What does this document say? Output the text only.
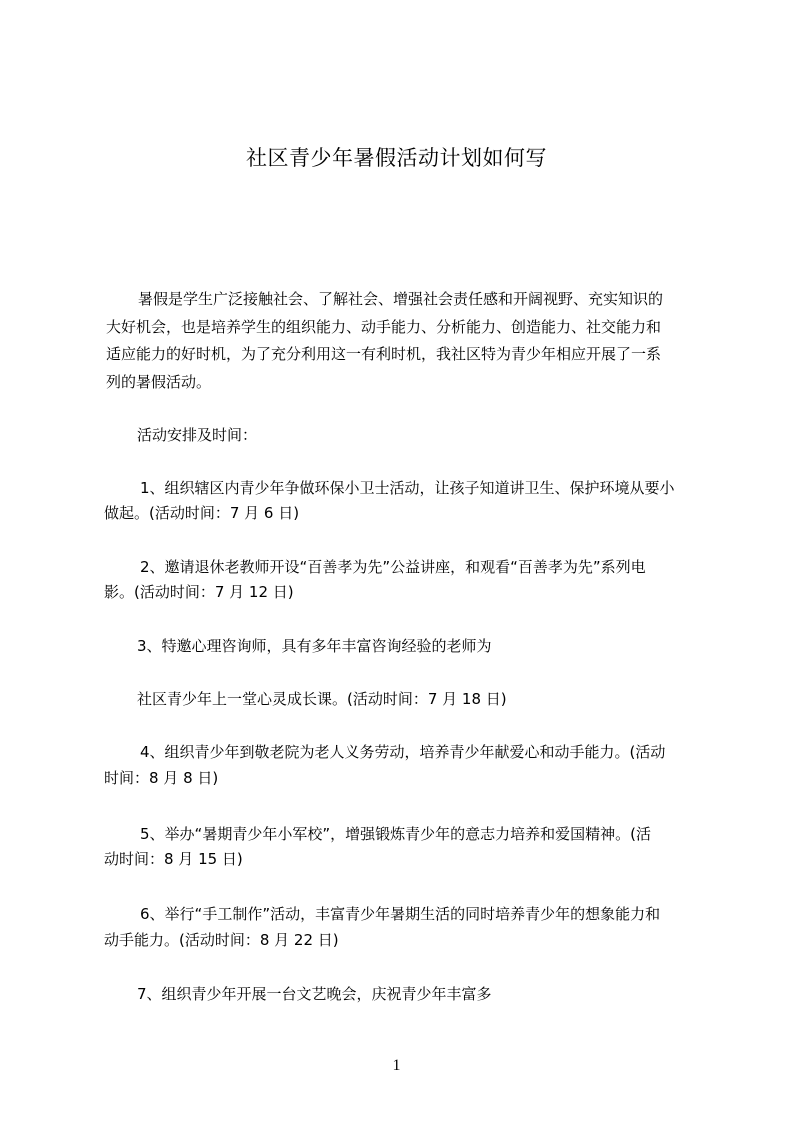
社区青少年暑假活动计划如何写
暑假是学生广泛接触社会、了解社会、增强社会责任感和开阔视野、充实知识的
大好机会，也是培养学生的组织能力、动手能力、分析能力、创造能力、社交能力和
适应能力的好时机，为了充分利用这一有利时机，我社区特为青少年相应开展了一系
列的暑假活动。
活动安排及时间：
1、组织辖区内青少年争做环保小卫士活动，让孩子知道讲卫生、保护环境从要小
做起。(活动时间：7 月 6 日)
2、邀请退休老教师开设“百善孝为先”公益讲座，和观看“百善孝为先”系列电
影。(活动时间：7 月 12 日)
3、特邀心理咨询师，具有多年丰富咨询经验的老师为
社区青少年上一堂心灵成长课。(活动时间：7 月 18 日)
4、组织青少年到敬老院为老人义务劳动，培养青少年献爱心和动手能力。(活动
时间：8 月 8 日)
5、举办“暑期青少年小军校”，增强锻炼青少年的意志力培养和爱国精神。(活
动时间：8 月 15 日)
6、举行“手工制作”活动，丰富青少年暑期生活的同时培养青少年的想象能力和
动手能力。(活动时间：8 月 22 日)
7、组织青少年开展一台文艺晚会，庆祝青少年丰富多
1
